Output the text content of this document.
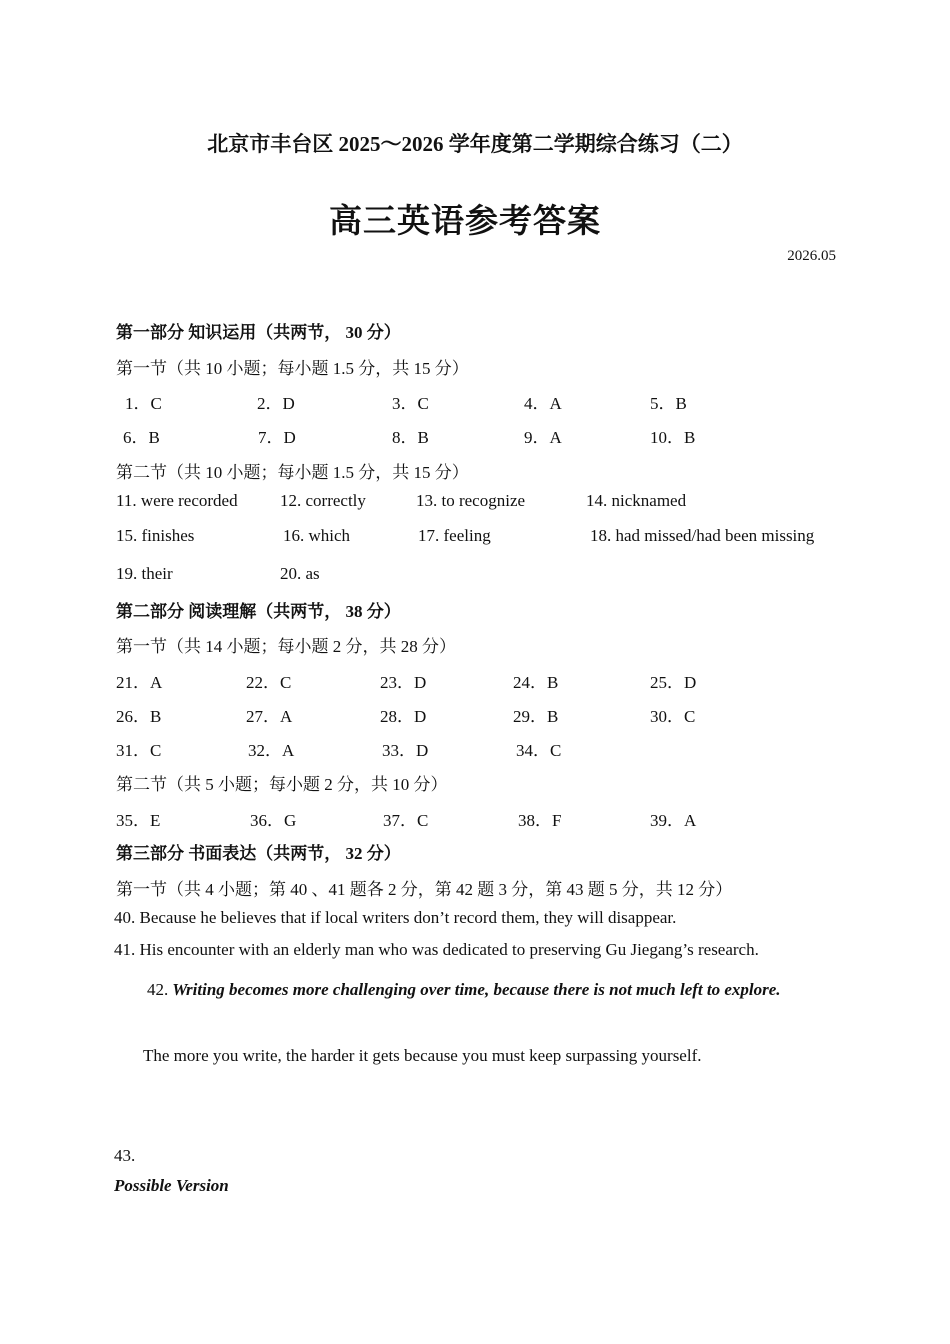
北京市丰台区 2025～2026 学年度第二学期综合练习（二）
高三英语参考答案
2026.05
第一部分 知识运用（共两节， 30 分）
第一节（共 10 小题；每小题 1.5 分，共 15 分）
1．C	2．D	3．C	4．A	5．B
6．B	7．D	8．B	9．A	10．B
第二节（共 10 小题；每小题 1.5 分，共 15 分）
11. were recorded 12. correctly	13. to recognize	14. nicknamed
15. finishes	16. which	17. feeling	18. had missed/had been missing
19. their	20. as
第二部分 阅读理解（共两节， 38 分）
第一节（共 14 小题；每小题 2 分，共 28 分）
21．A	22．C	23．D	24．B	25．D
26．B	27．A	28．D	29．B	30．C
31．C	32．A	33．D	34．C
第二节（共 5 小题；每小题 2 分，共 10 分）
35．E	36．G	37．C	38．F	39．A
第三部分 书面表达（共两节， 32 分）
第一节（共 4 小题；第 40 、41 题各 2 分，第 42 题 3 分，第 43 题 5 分，共 12 分）
40. Because he believes that if local writers don’t record them, they will disappear.
41. His encounter with an elderly man who was dedicated to preserving Gu Jiegang’s research.
42. Writing becomes more challenging over time, because there is not much left to explore.
The more you write, the harder it gets because you must keep surpassing yourself.
43.
Possible Version
